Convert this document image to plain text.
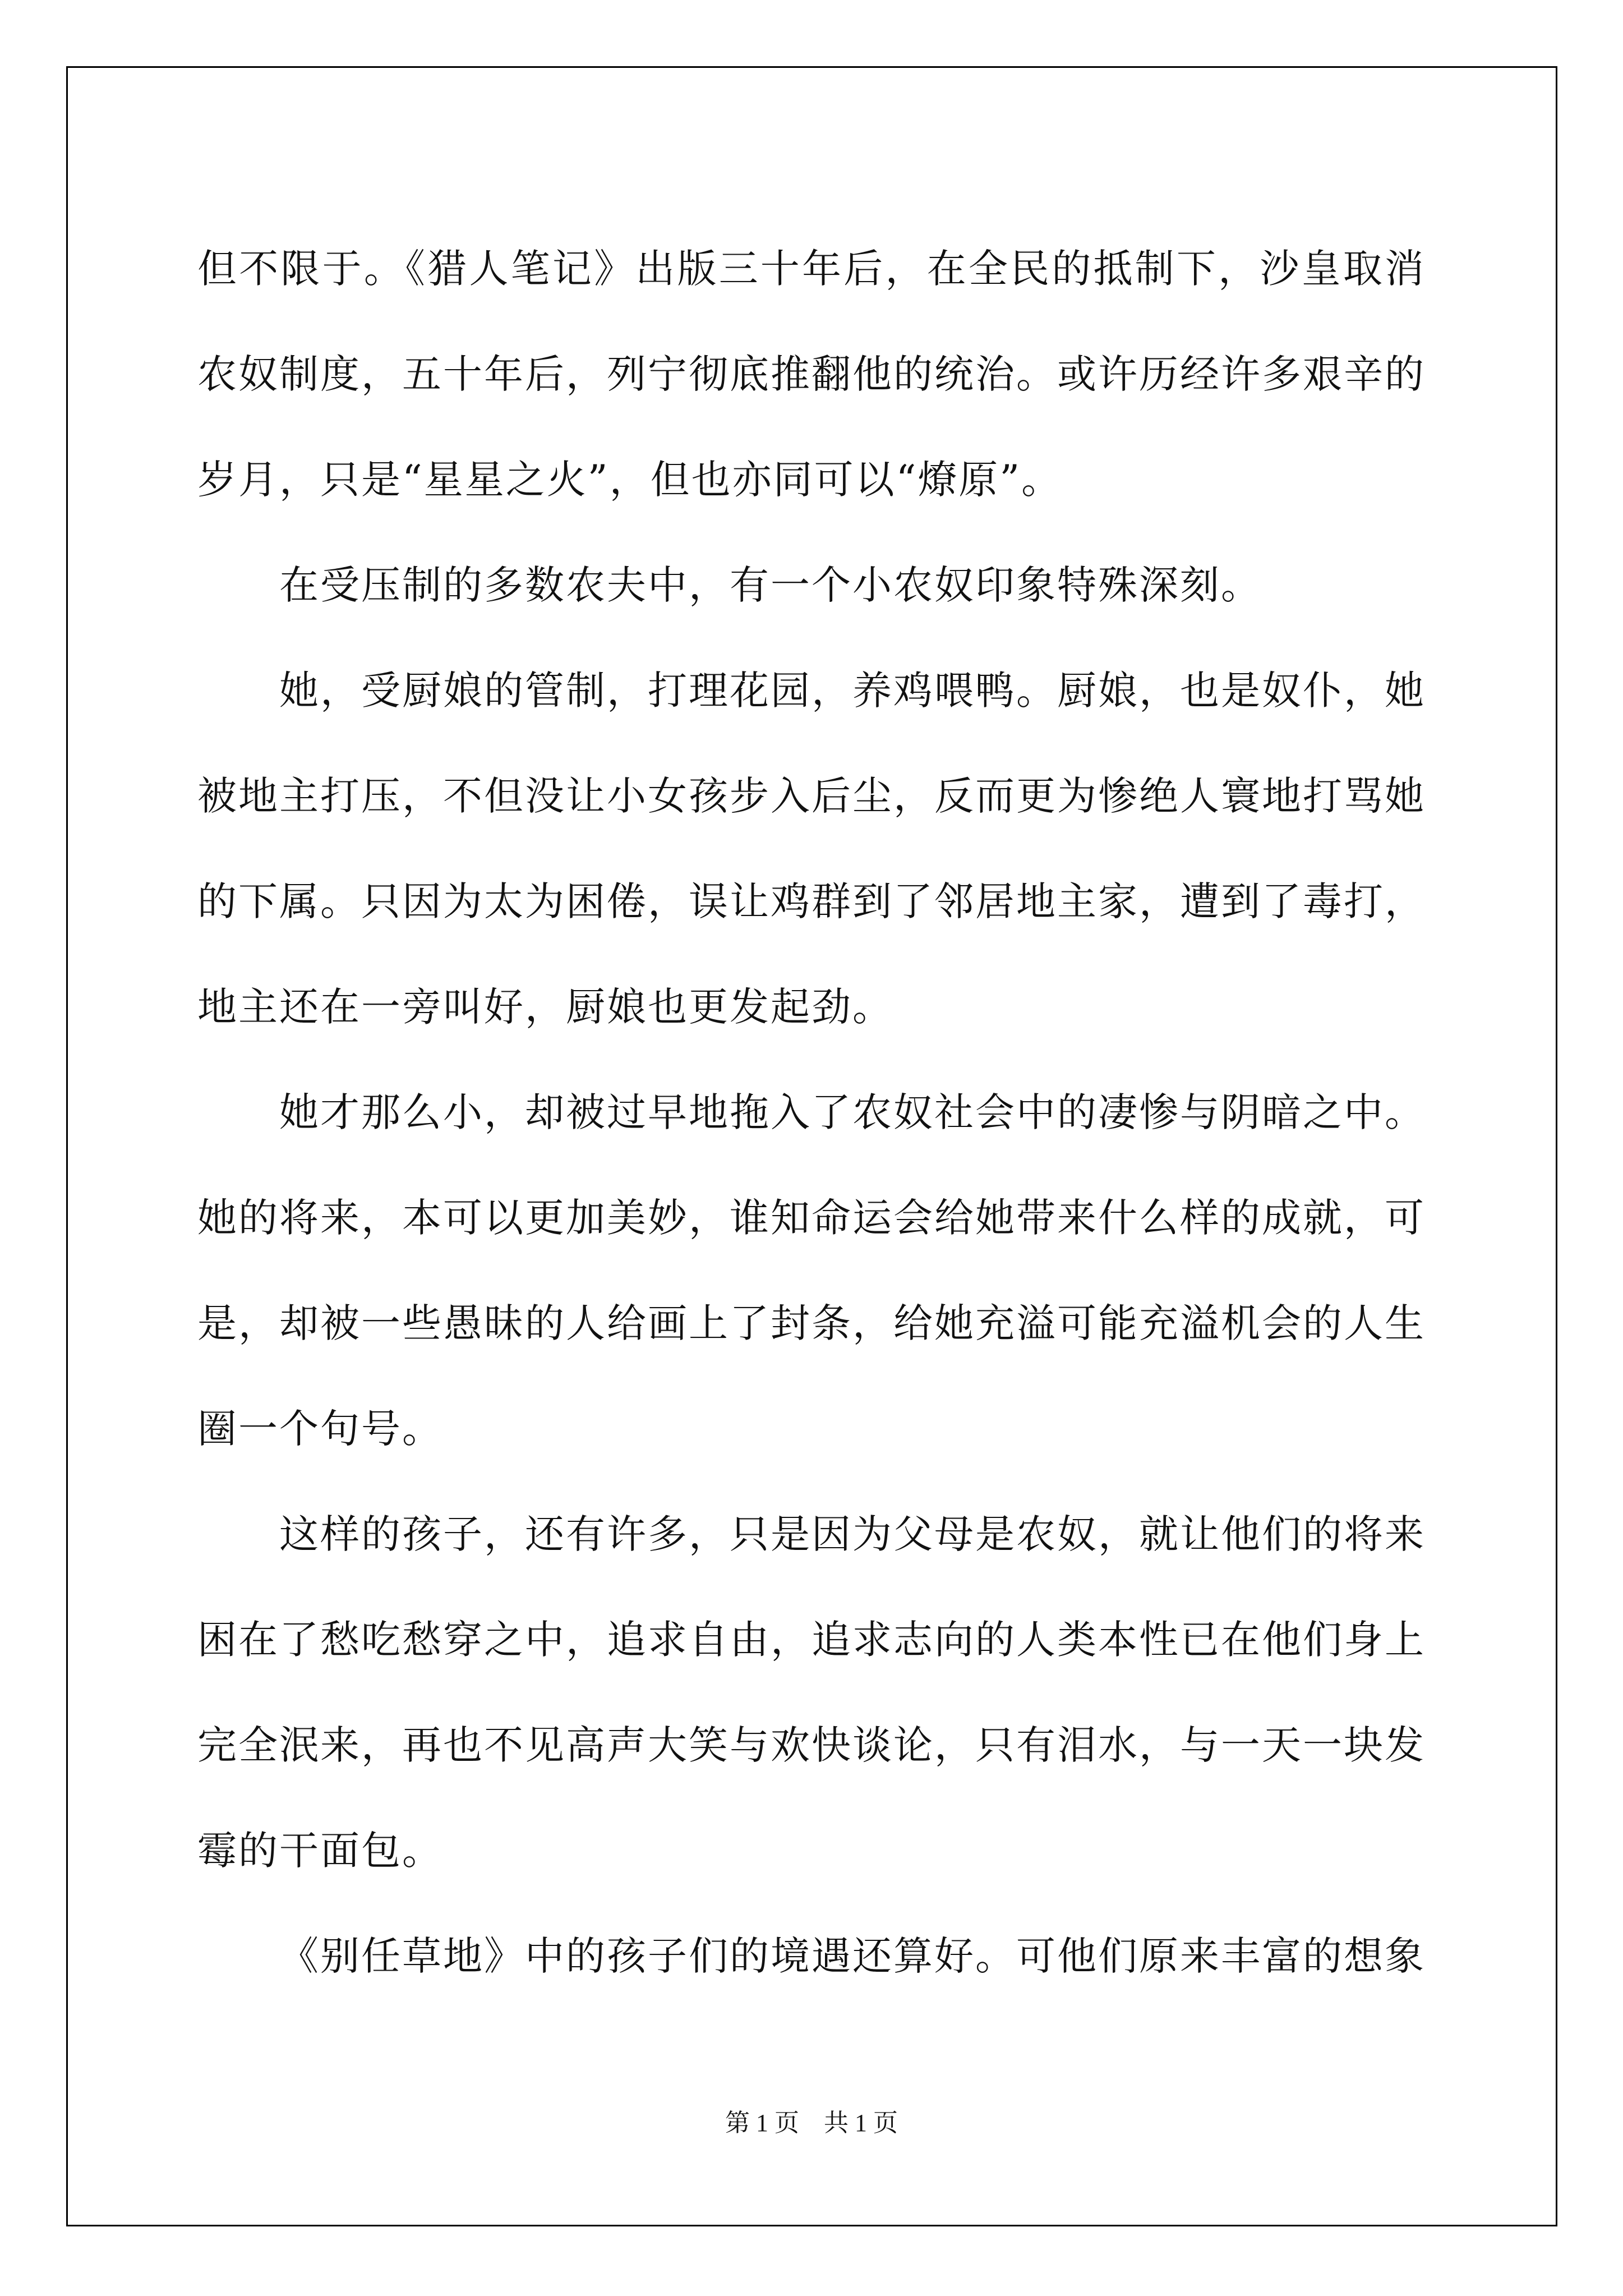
但不限于。《猎人笔记》出版三十年后，在全民的抵制下，沙皇取消农奴制度，五十年后，列宁彻底推翻他的统治。或许历经许多艰辛的岁月，只是“星星之火”，但也亦同可以“燎原”。

在受压制的多数农夫中，有一个小农奴印象特殊深刻。

她，受厨娘的管制，打理花园，养鸡喂鸭。厨娘，也是奴仆，她被地主打压，不但没让小女孩步入后尘，反而更为惨绝人寰地打骂她的下属。只因为太为困倦，误让鸡群到了邻居地主家，遭到了毒打，地主还在一旁叫好，厨娘也更发起劲。

她才那么小，却被过早地拖入了农奴社会中的凄惨与阴暗之中。她的将来，本可以更加美妙，谁知命运会给她带来什么样的成就，可是，却被一些愚昧的人给画上了封条，给她充溢可能充溢机会的人生圈一个句号。

这样的孩子，还有许多，只是因为父母是农奴，就让他们的将来困在了愁吃愁穿之中，追求自由，追求志向的人类本性已在他们身上完全泯来，再也不见高声大笑与欢快谈论，只有泪水，与一天一块发霉的干面包。

《别任草地》中的孩子们的境遇还算好。可他们原来丰富的想象

第 1 页    共 1 页
